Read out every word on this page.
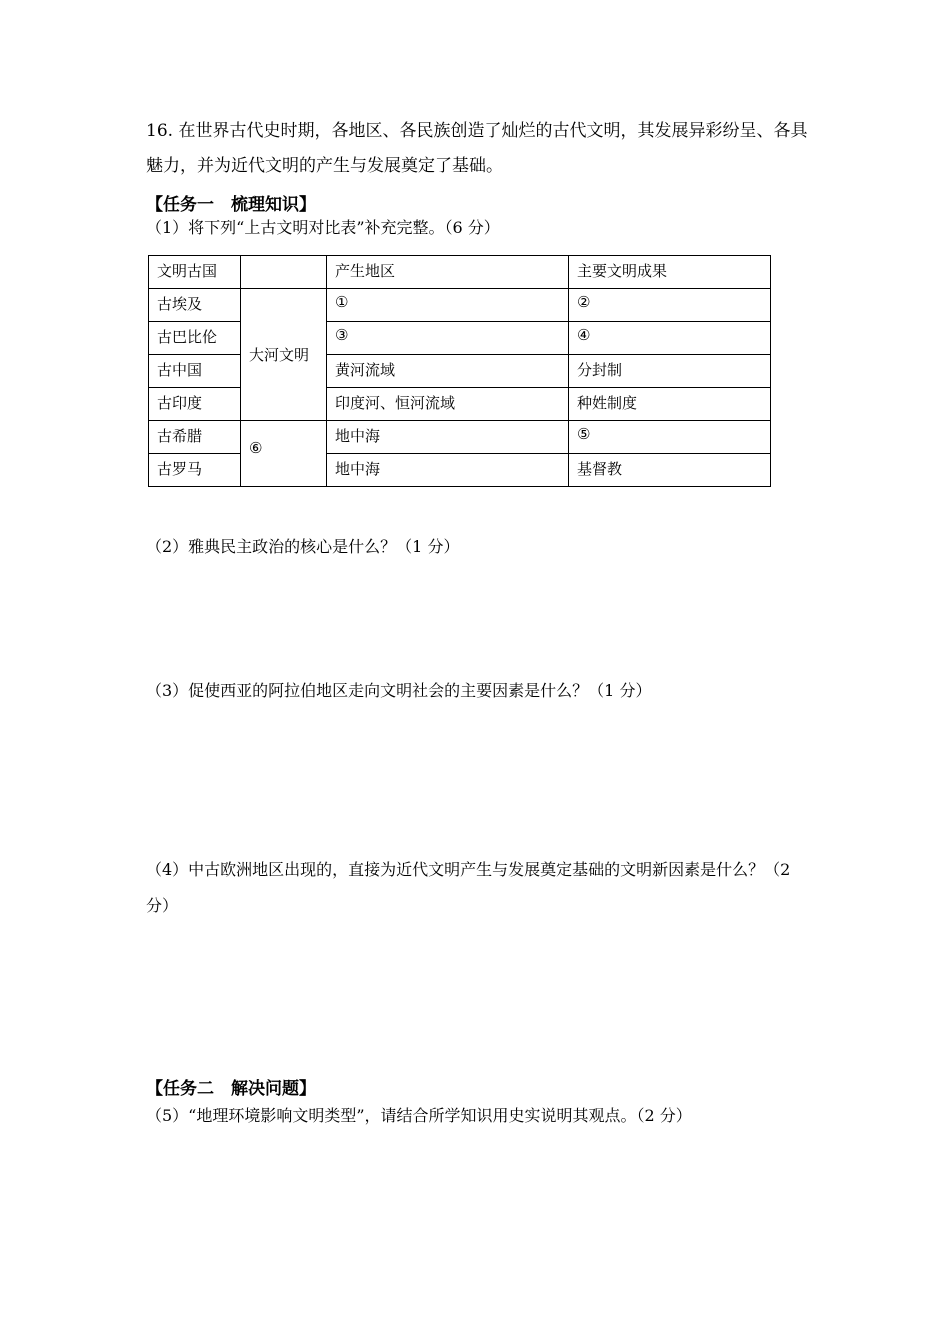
16. 在世界古代史时期，各地区、各民族创造了灿烂的古代文明，其发展异彩纷呈、各具魅力，并为近代文明的产生与发展奠定了基础。
【任务一　梳理知识】
（1）将下列“上古文明对比表”补充完整。（6 分）
文明古国		产生地区	主要文明成果
古埃及	大河文明	①	②
古巴比伦		③	④
古中国		黄河流域	分封制
古印度		印度河、恒河流域	种姓制度
古希腊	⑥	地中海	⑤
古罗马		地中海	基督教
（2）雅典民主政治的核心是什么？（1 分）
（3）促使西亚的阿拉伯地区走向文明社会的主要因素是什么？（1 分）
（4）中古欧洲地区出现的，直接为近代文明产生与发展奠定基础的文明新因素是什么？（2 分）
【任务二　解决问题】
（5）“地理环境影响文明类型”，请结合所学知识用史实说明其观点。（2 分）
